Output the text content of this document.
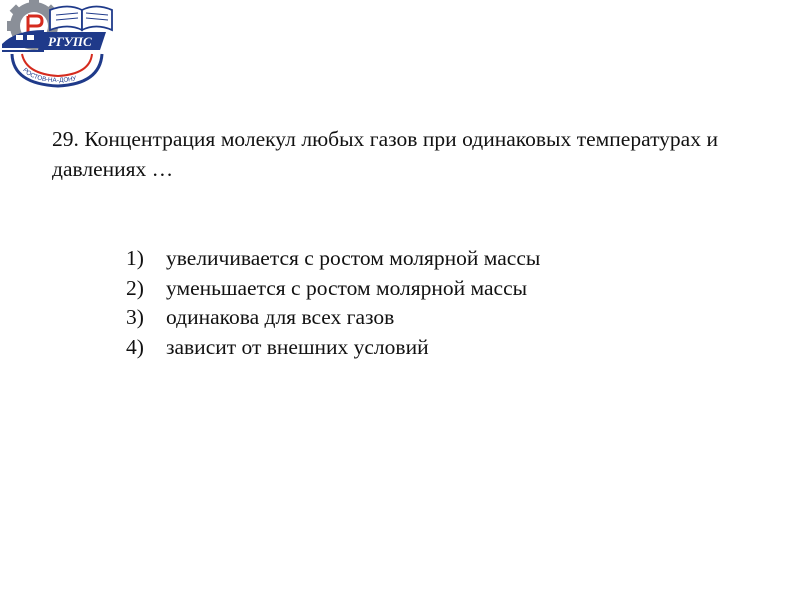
РГУПС
РОСТОВ-НА-ДОНУ
29. Концентрация молекул любых газов при одинаковых температурах и давлениях …
1)	увеличивается с ростом молярной массы
2)	уменьшается с ростом молярной массы
3)	одинакова для всех газов
4)	зависит от внешних условий
